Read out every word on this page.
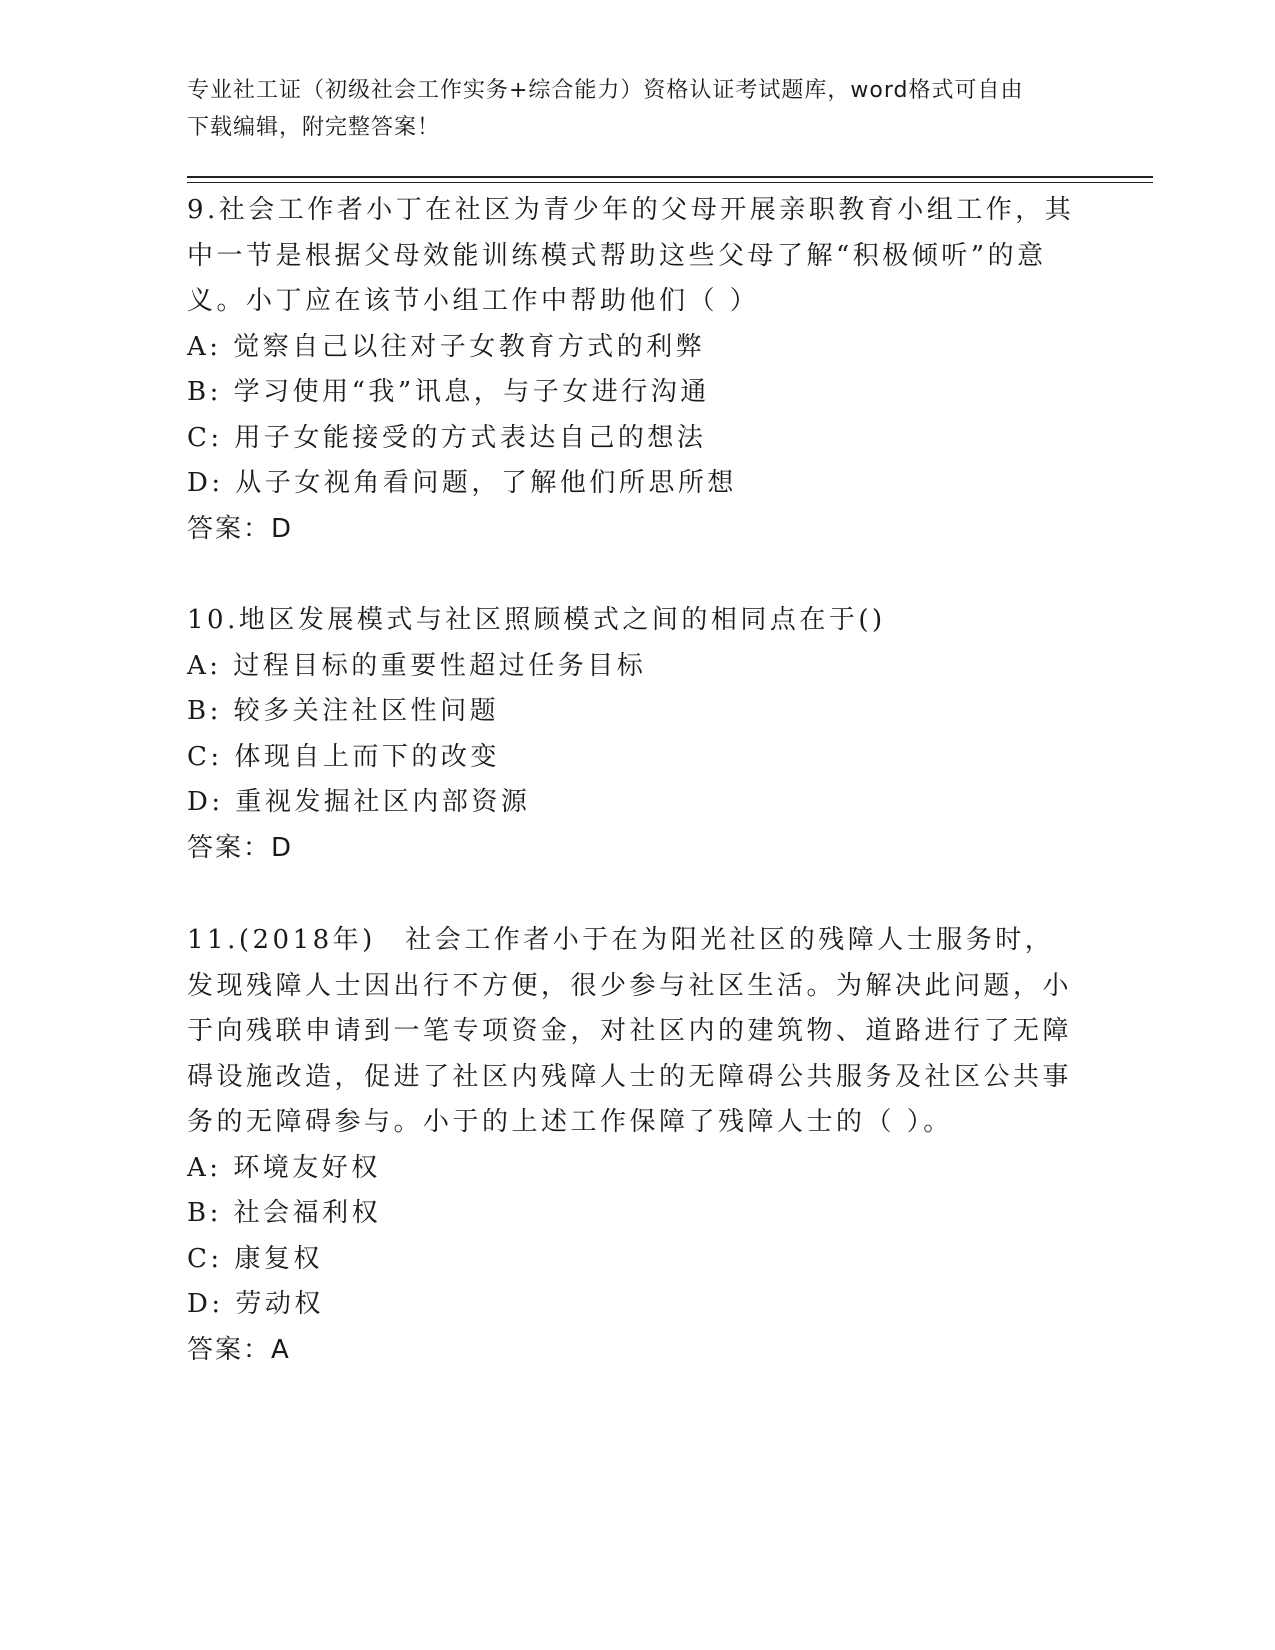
专业社工证（初级社会工作实务+综合能力）资格认证考试题库，word格式可自由
下载编辑，附完整答案！

9.社会工作者小丁在社区为青少年的父母开展亲职教育小组工作，其中一节是根据父母效能训练模式帮助这些父母了解“积极倾听”的意义。小丁应在该节小组工作中帮助他们（ ）

A: 觉察自己以往对子女教育方式的利弊

B: 学习使用“我”讯息，与子女进行沟通

C: 用子女能接受的方式表达自己的想法

D: 从子女视角看问题，了解他们所思所想

答案：D

10.地区发展模式与社区照顾模式之间的相同点在于()

A: 过程目标的重要性超过任务目标

B: 较多关注社区性问题

C: 体现自上而下的改变

D: 重视发掘社区内部资源

答案：D

11.(2018年)　社会工作者小于在为阳光社区的残障人士服务时，发现残障人士因出行不方便，很少参与社区生活。为解决此问题，小于向残联申请到一笔专项资金，对社区内的建筑物、道路进行了无障碍设施改造，促进了社区内残障人士的无障碍公共服务及社区公共事务的无障碍参与。小于的上述工作保障了残障人士的（ ）。

A: 环境友好权

B: 社会福利权

C: 康复权

D: 劳动权

答案：A
